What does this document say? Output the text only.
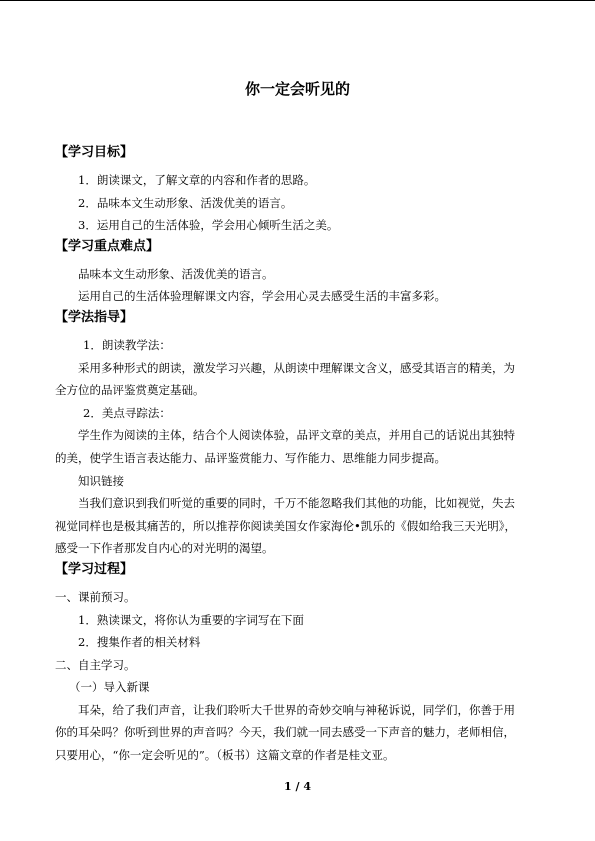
你一定会听见的

【学习目标】

1．朗读课文，了解文章的内容和作者的思路。

2．品味本文生动形象、活泼优美的语言。

3．运用自己的生活体验，学会用心倾听生活之美。

【学习重点难点】

品味本文生动形象、活泼优美的语言。

运用自己的生活体验理解课文内容，学会用心灵去感受生活的丰富多彩。

【学法指导】

1．朗读教学法：

采用多种形式的朗读，激发学习兴趣，从朗读中理解课文含义，感受其语言的精美，为

全方位的品评鉴赏奠定基础。

2．美点寻踪法：

学生作为阅读的主体，结合个人阅读体验，品评文章的美点，并用自己的话说出其独特

的美，使学生语言表达能力、品评鉴赏能力、写作能力、思维能力同步提高。

知识链接

当我们意识到我们听觉的重要的同时，千万不能忽略我们其他的功能，比如视觉，失去

视觉同样也是极其痛苦的，所以推荐你阅读美国女作家海伦•凯乐的《假如给我三天光明》，

感受一下作者那发自内心的对光明的渴望。

【学习过程】

一、课前预习。

1．熟读课文，将你认为重要的字词写在下面

2．搜集作者的相关材料

二、自主学习。

（一）导入新课

耳朵，给了我们声音，让我们聆听大千世界的奇妙交响与神秘诉说，同学们，你善于用

你的耳朵吗？你听到世界的声音吗？今天，我们就一同去感受一下声音的魅力，老师相信，

只要用心，“你一定会听见的”。（板书）这篇文章的作者是桂文亚。

1 / 4
